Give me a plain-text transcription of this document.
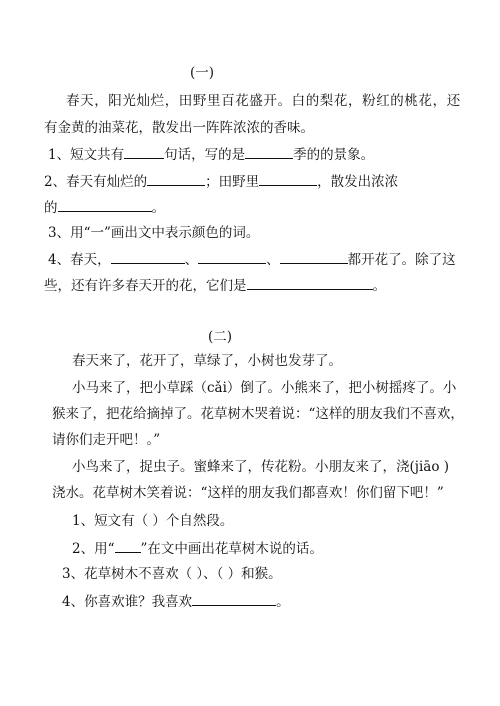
(一)
春天，阳光灿烂，田野里百花盛开。白的梨花，粉红的桃花，还
有金黄的油菜花，散发出一阵阵浓浓的香味。
1、短文共有	句话，写的是	季的的景象。
2、春天有灿烂的	；田野里	，散发出浓浓
的	。
3、用“一”画出文中表示颜色的词。
4、春天，	、	、	都开花了。除了这
些，还有许多春天开的花，它们是	。
(二)
春天来了，花开了，草绿了，小树也发芽了。
小马来了，把小草踩（cǎi）倒了。小熊来了，把小树摇疼了。小
猴来了，把花给摘掉了。花草树木哭着说：“这样的朋友我们不喜欢，
请你们走开吧！。”
小鸟来了，捉虫子。蜜蜂来了，传花粉。小朋友来了，浇(jiāo )
浇水。花草树木笑着说：“这样的朋友我们都喜欢！你们留下吧！”
1、短文有（ ）个自然段。
2、用“ ”在文中画出花草树木说的话。
3、花草树木不喜欢（ ）、（ ）和猴。
4、你喜欢谁？我喜欢	。
